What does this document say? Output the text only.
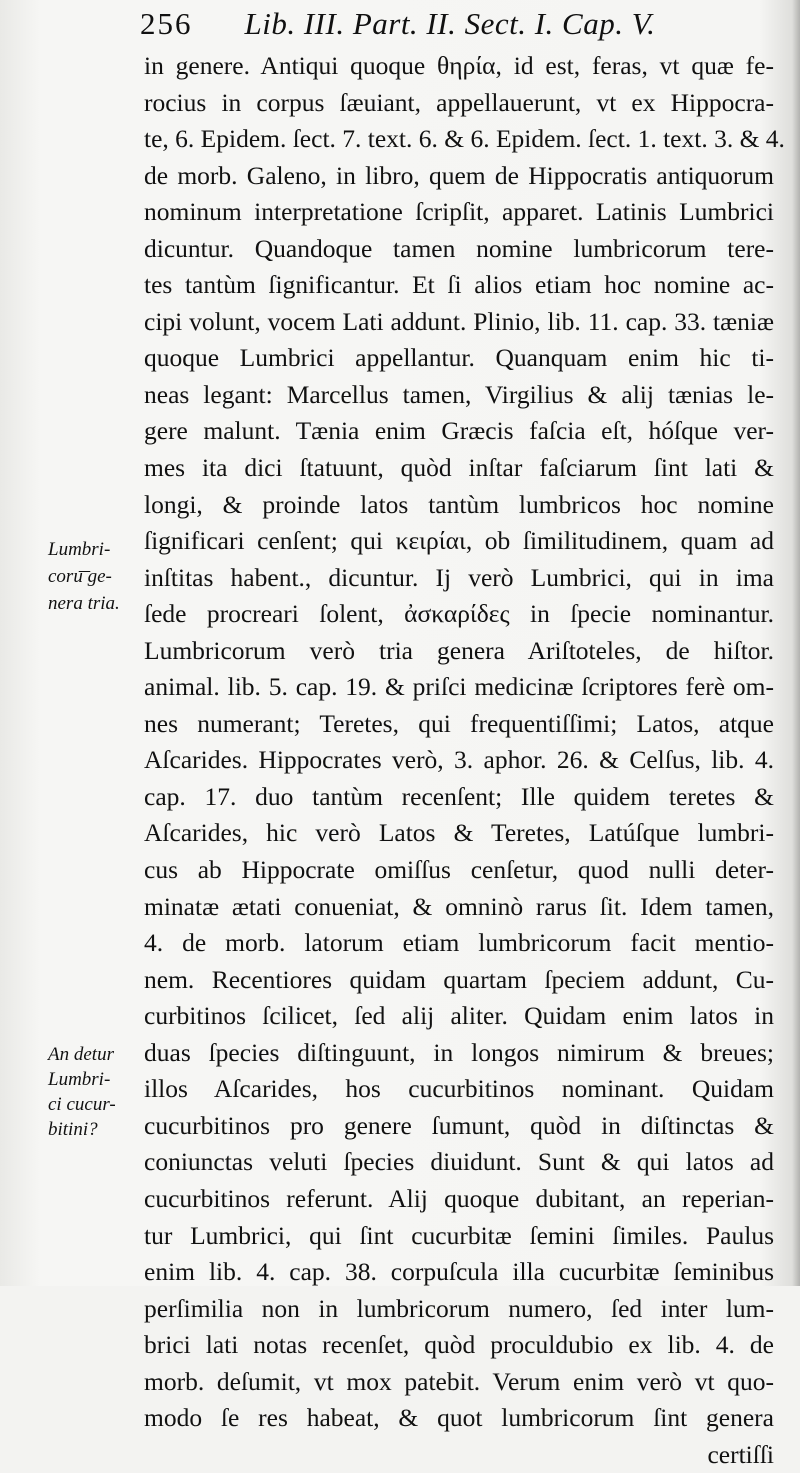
256 Lib. III. Part. II. Sect. I. Cap. V.
in genere. Antiqui quoque θηρία, id est, feras, vt quæ fe-
rocius in corpus ſæuiant, appellauerunt, vt ex Hippocra-
te, 6. Epidem. ſect. 7. text. 6. & 6. Epidem. ſect. 1. text. 3. & 4.
de morb. Galeno, in libro, quem de Hippocratis antiquorum
nominum interpretatione ſcripſit, apparet. Latinis Lumbrici
dicuntur. Quandoque tamen nomine lumbricorum tere-
tes tantùm ſignificantur. Et ſi alios etiam hoc nomine ac-
cipi volunt, vocem Lati addunt. Plinio, lib. 11. cap. 33. tæniæ
quoque Lumbrici appellantur. Quanquam enim hic ti-
neas legant: Marcellus tamen, Virgilius & alij tænias le-
gere malunt. Tænia enim Græcis faſcia eſt, hóſque ver-
mes ita dici ſtatuunt, quòd inſtar faſciarum ſint lati &
longi, & proinde latos tantùm lumbricos hoc nomine
ſignificari cenſent; qui κειρίαι, ob ſimilitudinem, quam ad
inſtitas habent., dicuntur. Ij verò Lumbrici, qui in ima
ſede procreari ſolent, ἀσκαρίδες in ſpecie nominantur.
Lumbricorum verò tria genera Ariſtoteles, de hiſtor.
animal. lib. 5. cap. 19. & priſci medicinæ ſcriptores ferè om-
nes numerant; Teretes, qui frequentiſſimi; Latos, atque
Aſcarides. Hippocrates verò, 3. aphor. 26. & Celſus, lib. 4.
cap. 17. duo tantùm recenſent; Ille quidem teretes &
Aſcarides, hic verò Latos & Teretes, Latúſque lumbri-
cus ab Hippocrate omiſſus cenſetur, quod nulli deter-
minatæ ætati conueniat, & omninò rarus ſit. Idem tamen,
4. de morb. latorum etiam lumbricorum facit mentio-
nem. Recentiores quidam quartam ſpeciem addunt, Cu-
curbitinos ſcilicet, ſed alij aliter. Quidam enim latos in
duas ſpecies diſtinguunt, in longos nimirum & breues;
illos Aſcarides, hos cucurbitinos nominant. Quidam
cucurbitinos pro genere ſumunt, quòd in diſtinctas &
coniunctas veluti ſpecies diuidunt. Sunt & qui latos ad
cucurbitinos referunt. Alij quoque dubitant, an reperian-
tur Lumbrici, qui ſint cucurbitæ ſemini ſimiles. Paulus
enim lib. 4. cap. 38. corpuſcula illa cucurbitæ ſeminibus
perſimilia non in lumbricorum numero, ſed inter lum-
brici lati notas recenſet, quòd proculdubio ex lib. 4. de
morb. deſumit, vt mox patebit. Verum enim verò vt quo-
modo ſe res habeat, & quot lumbricorum ſint genera
certiſſi
Lumbri-
coru͞ ge-
nera tria.
An detur
Lumbri-
ci cucur-
bitini?
